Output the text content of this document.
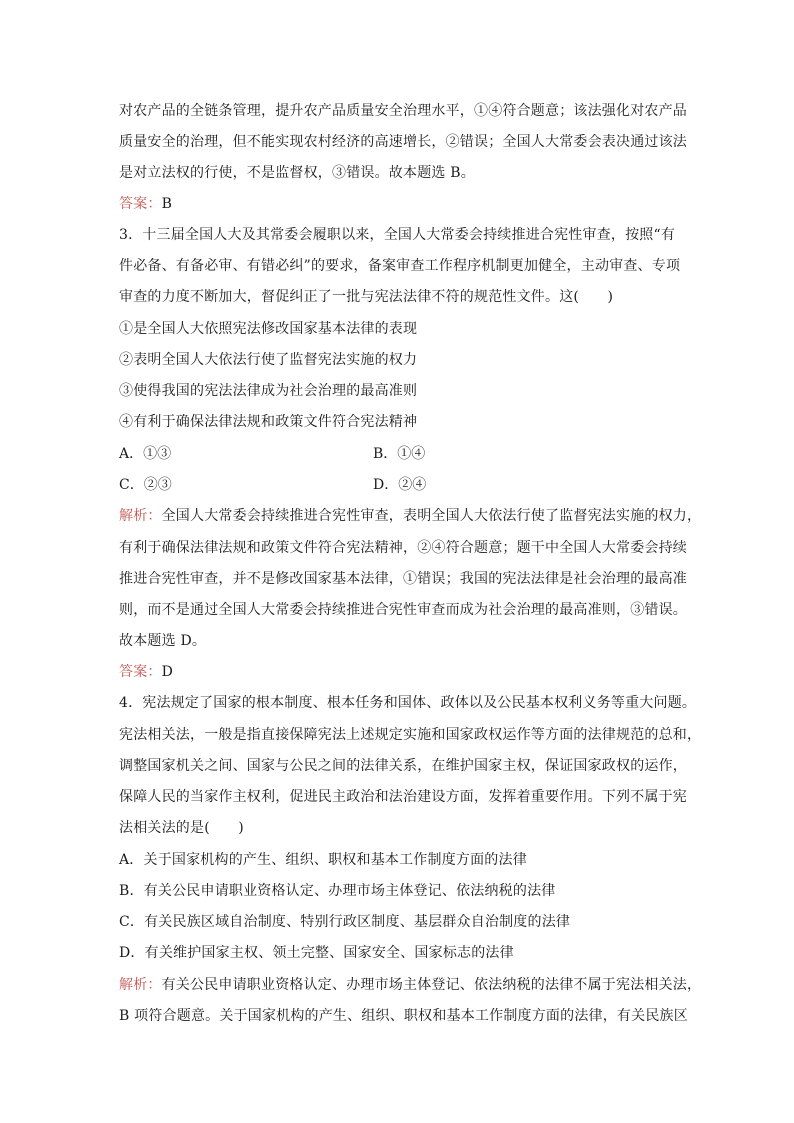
对农产品的全链条管理，提升农产品质量安全治理水平，①④符合题意；该法强化对农产品
质量安全的治理，但不能实现农村经济的高速增长，②错误；全国人大常委会表决通过该法
是对立法权的行使，不是监督权，③错误。故本题选 B。
答案：B
3．十三届全国人大及其常委会履职以来，全国人大常委会持续推进合宪性审查，按照“有
件必备、有备必审、有错必纠”的要求，备案审查工作程序机制更加健全，主动审查、专项
审查的力度不断加大，督促纠正了一批与宪法法律不符的规范性文件。这(　　)
①是全国人大依照宪法修改国家基本法律的表现
②表明全国人大依法行使了监督宪法实施的权力
③使得我国的宪法法律成为社会治理的最高准则
④有利于确保法律法规和政策文件符合宪法精神
A．①③	B．①④
C．②③	D．②④
解析：全国人大常委会持续推进合宪性审查，表明全国人大依法行使了监督宪法实施的权力，
有利于确保法律法规和政策文件符合宪法精神，②④符合题意；题干中全国人大常委会持续
推进合宪性审查，并不是修改国家基本法律，①错误；我国的宪法法律是社会治理的最高准
则，而不是通过全国人大常委会持续推进合宪性审查而成为社会治理的最高准则，③错误。
故本题选 D。
答案：D
4．宪法规定了国家的根本制度、根本任务和国体、政体以及公民基本权利义务等重大问题。
宪法相关法，一般是指直接保障宪法上述规定实施和国家政权运作等方面的法律规范的总和，
调整国家机关之间、国家与公民之间的法律关系，在维护国家主权，保证国家政权的运作，
保障人民的当家作主权利，促进民主政治和法治建设方面，发挥着重要作用。下列不属于宪
法相关法的是(　　)
A．关于国家机构的产生、组织、职权和基本工作制度方面的法律
B．有关公民申请职业资格认定、办理市场主体登记、依法纳税的法律
C．有关民族区域自治制度、特别行政区制度、基层群众自治制度的法律
D．有关维护国家主权、领土完整、国家安全、国家标志的法律
解析：有关公民申请职业资格认定、办理市场主体登记、依法纳税的法律不属于宪法相关法，
B 项符合题意。关于国家机构的产生、组织、职权和基本工作制度方面的法律，有关民族区
